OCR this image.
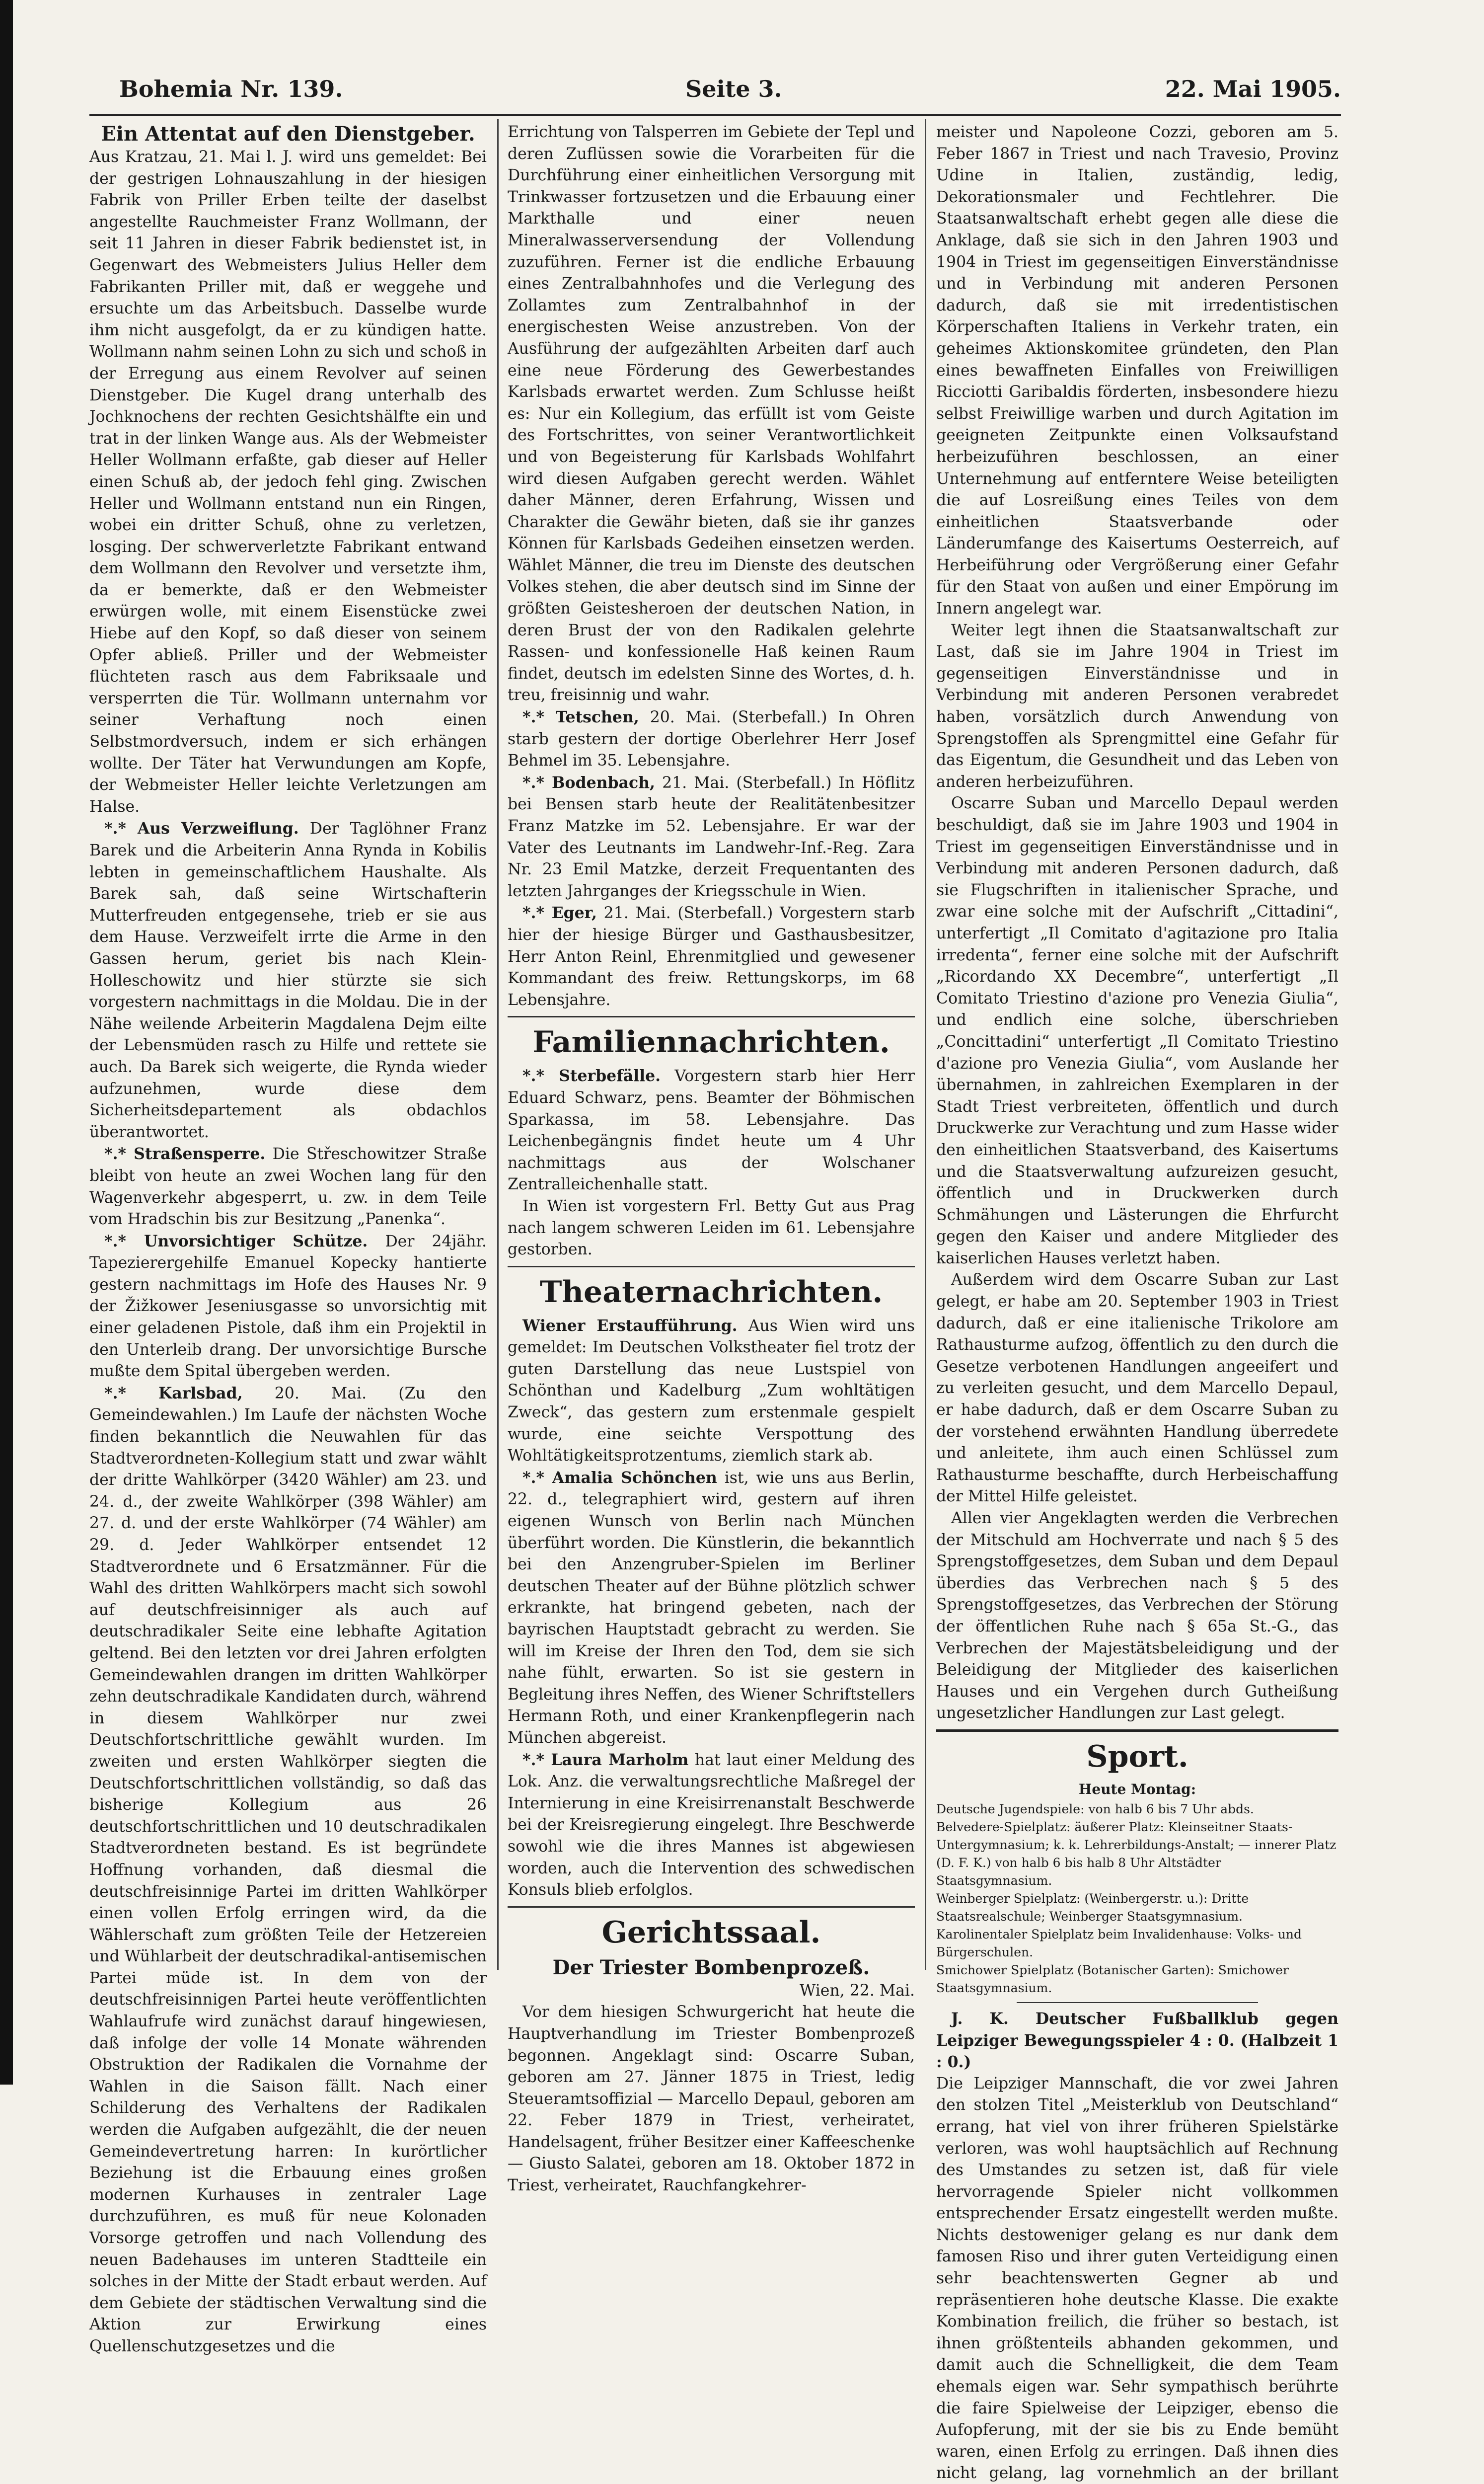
Bohemia Nr. 139.	Seite 3.	22. Mai 1905.

Ein Attentat auf den Dienstgeber.

Aus Kratzau, 21. Mai l. J. wird uns gemeldet: Bei der gestrigen Lohnauszahlung in der hiesigen Fabrik von Priller Erben teilte der daselbst angestellte Rauchmeister Franz Wollmann, der seit 11 Jahren in dieser Fabrik bedienstet ist, in Gegenwart des Webmeisters Julius Heller dem Fabrikanten Priller mit, daß er weggehe und ersuchte um das Arbeitsbuch. Dasselbe wurde ihm nicht ausgefolgt, da er zu kündigen hatte. Wollmann nahm seinen Lohn zu sich und schoß in der Erregung aus einem Revolver auf seinen Dienstgeber. Die Kugel drang unterhalb des Jochknochens der rechten Gesichtshälfte ein und trat in der linken Wange aus. Als der Webmeister Heller Wollmann erfaßte, gab dieser auf Heller einen Schuß ab, der jedoch fehl ging. Zwischen Heller und Wollmann entstand nun ein Ringen, wobei ein dritter Schuß, ohne zu verletzen, losging. Der schwerverletzte Fabrikant entwand dem Wollmann den Revolver und versetzte ihm, da er bemerkte, daß er den Webmeister erwürgen wolle, mit einem Eisenstücke zwei Hiebe auf den Kopf, so daß dieser von seinem Opfer abließ. Priller und der Webmeister flüchteten rasch aus dem Fabriksaale und versperrten die Tür. Wollmann unternahm vor seiner Verhaftung noch einen Selbstmordversuch, indem er sich erhängen wollte. Der Täter hat Verwundungen am Kopfe, der Webmeister Heller leichte Verletzungen am Halse.

*.* Aus Verzweiflung. Der Taglöhner Franz Barek und die Arbeiterin Anna Rynda in Kobilis lebten in gemeinschaftlichem Haushalte. Als Barek sah, daß seine Wirtschafterin Mutterfreuden entgegensehe, trieb er sie aus dem Hause. Verzweifelt irrte die Arme in den Gassen herum, geriet bis nach Klein-Holleschowitz und hier stürzte sie sich vorgestern nachmittags in die Moldau. Die in der Nähe weilende Arbeiterin Magdalena Dejm eilte der Lebensmüden rasch zu Hilfe und rettete sie auch. Da Barek sich weigerte, die Rynda wieder aufzunehmen, wurde diese dem Sicherheitsdepartement als obdachlos überantwortet.

*.* Straßensperre. Die Střeschowitzer Straße bleibt von heute an zwei Wochen lang für den Wagenverkehr abgesperrt, u. zw. in dem Teile vom Hradschin bis zur Besitzung „Panenka“.

*.* Unvorsichtiger Schütze. Der 24jähr. Tapezierergehilfe Emanuel Kopecky hantierte gestern nachmittags im Hofe des Hauses Nr. 9 der Žižkower Jeseniusgasse so unvorsichtig mit einer geladenen Pistole, daß ihm ein Projektil in den Unterleib drang. Der unvorsichtige Bursche mußte dem Spital übergeben werden.

*.* Karlsbad, 20. Mai. (Zu den Gemeindewahlen.) Im Laufe der nächsten Woche finden bekanntlich die Neuwahlen für das Stadtverordneten-Kollegium statt und zwar wählt der dritte Wahlkörper (3420 Wähler) am 23. und 24. d., der zweite Wahlkörper (398 Wähler) am 27. d. und der erste Wahlkörper (74 Wähler) am 29. d. Jeder Wahlkörper entsendet 12 Stadtverordnete und 6 Ersatzmänner. Für die Wahl des dritten Wahlkörpers macht sich sowohl auf deutschfreisinniger als auch auf deutschradikaler Seite eine lebhafte Agitation geltend. Bei den letzten vor drei Jahren erfolgten Gemeindewahlen drangen im dritten Wahlkörper zehn deutschradikale Kandidaten durch, während in diesem Wahlkörper nur zwei Deutschfortschrittliche gewählt wurden. Im zweiten und ersten Wahlkörper siegten die Deutschfortschrittlichen vollständig, so daß das bisherige Kollegium aus 26 deutschfortschrittlichen und 10 deutschradikalen Stadtverordneten bestand. Es ist begründete Hoffnung vorhanden, daß diesmal die deutschfreisinnige Partei im dritten Wahlkörper einen vollen Erfolg erringen wird, da die Wählerschaft zum größten Teile der Hetzereien und Wühlarbeit der deutschradikal-antisemischen Partei müde ist. In dem von der deutschfreisinnigen Partei heute veröffentlichten Wahlaufrufe wird zunächst darauf hingewiesen, daß infolge der volle 14 Monate währenden Obstruktion der Radikalen die Vornahme der Wahlen in die Saison fällt. Nach einer Schilderung des Verhaltens der Radikalen werden die Aufgaben aufgezählt, die der neuen Gemeindevertretung harren: In kurörtlicher Beziehung ist die Erbauung eines großen modernen Kurhauses in zentraler Lage durchzuführen, es muß für neue Kolonaden Vorsorge getroffen und nach Vollendung des neuen Badehauses im unteren Stadtteile ein solches in der Mitte der Stadt erbaut werden. Auf dem Gebiete der städtischen Verwaltung sind die Aktion zur Erwirkung eines Quellenschutzgesetzes und die

Errichtung von Talsperren im Gebiete der Tepl und deren Zuflüssen sowie die Vorarbeiten für die Durchführung einer einheitlichen Versorgung mit Trinkwasser fortzusetzen und die Erbauung einer Markthalle und einer neuen Mineralwasserversendung der Vollendung zuzuführen. Ferner ist die endliche Erbauung eines Zentralbahnhofes und die Verlegung des Zollamtes zum Zentralbahnhof in der energischesten Weise anzustreben. Von der Ausführung der aufgezählten Arbeiten darf auch eine neue Förderung des Gewerbestandes Karlsbads erwartet werden. Zum Schlusse heißt es: Nur ein Kollegium, das erfüllt ist vom Geiste des Fortschrittes, von seiner Verantwortlichkeit und von Begeisterung für Karlsbads Wohlfahrt wird diesen Aufgaben gerecht werden. Wählet daher Männer, deren Erfahrung, Wissen und Charakter die Gewähr bieten, daß sie ihr ganzes Können für Karlsbads Gedeihen einsetzen werden. Wählet Männer, die treu im Dienste des deutschen Volkes stehen, die aber deutsch sind im Sinne der größten Geistesheroen der deutschen Nation, in deren Brust der von den Radikalen gelehrte Rassen- und konfessionelle Haß keinen Raum findet, deutsch im edelsten Sinne des Wortes, d. h. treu, freisinnig und wahr.

*.* Tetschen, 20. Mai. (Sterbefall.) In Ohren starb gestern der dortige Oberlehrer Herr Josef Behmel im 35. Lebensjahre.

*.* Bodenbach, 21. Mai. (Sterbefall.) In Höflitz bei Bensen starb heute der Realitätenbesitzer Franz Matzke im 52. Lebensjahre. Er war der Vater des Leutnants im Landwehr-Inf.-Reg. Zara Nr. 23 Emil Matzke, derzeit Frequentanten des letzten Jahrganges der Kriegsschule in Wien.

*.* Eger, 21. Mai. (Sterbefall.) Vorgestern starb hier der hiesige Bürger und Gasthausbesitzer, Herr Anton Reinl, Ehrenmitglied und gewesener Kommandant des freiw. Rettungskorps, im 68 Lebensjahre.

Familiennachrichten.

*.* Sterbefälle. Vorgestern starb hier Herr Eduard Schwarz, pens. Beamter der Böhmischen Sparkassa, im 58. Lebensjahre. Das Leichenbegängnis findet heute um 4 Uhr nachmittags aus der Wolschaner Zentralleichenhalle statt.

In Wien ist vorgestern Frl. Betty Gut aus Prag nach langem schweren Leiden im 61. Lebensjahre gestorben.

Theaternachrichten.

Wiener Erstaufführung. Aus Wien wird uns gemeldet: Im Deutschen Volkstheater fiel trotz der guten Darstellung das neue Lustspiel von Schönthan und Kadelburg „Zum wohltätigen Zweck“, das gestern zum erstenmale gespielt wurde, eine seichte Verspottung des Wohltätigkeitsprotzentums, ziemlich stark ab.

*.* Amalia Schönchen ist, wie uns aus Berlin, 22. d., telegraphiert wird, gestern auf ihren eigenen Wunsch von Berlin nach München überführt worden. Die Künstlerin, die bekanntlich bei den Anzengruber-Spielen im Berliner deutschen Theater auf der Bühne plötzlich schwer erkrankte, hat bringend gebeten, nach der bayrischen Hauptstadt gebracht zu werden. Sie will im Kreise der Ihren den Tod, dem sie sich nahe fühlt, erwarten. So ist sie gestern in Begleitung ihres Neffen, des Wiener Schriftstellers Hermann Roth, und einer Krankenpflegerin nach München abgereist.

*.* Laura Marholm hat laut einer Meldung des Lok. Anz. die verwaltungsrechtliche Maßregel der Internierung in eine Kreisirrenanstalt Beschwerde bei der Kreisregierung eingelegt. Ihre Beschwerde sowohl wie die ihres Mannes ist abgewiesen worden, auch die Intervention des schwedischen Konsuls blieb erfolglos.

Gerichtssaal.

Der Triester Bombenprozeß.

Wien, 22. Mai.

Vor dem hiesigen Schwurgericht hat heute die Hauptverhandlung im Triester Bombenprozeß begonnen. Angeklagt sind: Oscarre Suban, geboren am 27. Jänner 1875 in Triest, ledig Steueramtsoffizial — Marcello Depaul, geboren am 22. Feber 1879 in Triest, verheiratet, Handelsagent, früher Besitzer einer Kaffeeschenke — Giusto Salatei, geboren am 18. Oktober 1872 in Triest, verheiratet, Rauchfangkehrer-

meister und Napoleone Cozzi, geboren am 5. Feber 1867 in Triest und nach Travesio, Provinz Udine in Italien, zuständig, ledig, Dekorationsmaler und Fechtlehrer. Die Staatsanwaltschaft erhebt gegen alle diese die Anklage, daß sie sich in den Jahren 1903 und 1904 in Triest im gegenseitigen Einverständnisse und in Verbindung mit anderen Personen dadurch, daß sie mit irredentistischen Körperschaften Italiens in Verkehr traten, ein geheimes Aktionskomitee gründeten, den Plan eines bewaffneten Einfalles von Freiwilligen Ricciotti Garibaldis förderten, insbesondere hiezu selbst Freiwillige warben und durch Agitation im geeigneten Zeitpunkte einen Volksaufstand herbeizuführen beschlossen, an einer Unternehmung auf entferntere Weise beteiligten die auf Losreißung eines Teiles von dem einheitlichen Staatsverbande oder Länderumfange des Kaisertums Oesterreich, auf Herbeiführung oder Vergrößerung einer Gefahr für den Staat von außen und einer Empörung im Innern angelegt war.

Weiter legt ihnen die Staatsanwaltschaft zur Last, daß sie im Jahre 1904 in Triest im gegenseitigen Einverständnisse und in Verbindung mit anderen Personen verabredet haben, vorsätzlich durch Anwendung von Sprengstoffen als Sprengmittel eine Gefahr für das Eigentum, die Gesundheit und das Leben von anderen herbeizuführen.

Oscarre Suban und Marcello Depaul werden beschuldigt, daß sie im Jahre 1903 und 1904 in Triest im gegenseitigen Einverständnisse und in Verbindung mit anderen Personen dadurch, daß sie Flugschriften in italienischer Sprache, und zwar eine solche mit der Aufschrift „Cittadini“, unterfertigt „Il Comitato d'agitazione pro Italia irredenta“, ferner eine solche mit der Aufschrift „Ricordando XX Decembre“, unterfertigt „Il Comitato Triestino d'azione pro Venezia Giulia“, und endlich eine solche, überschrieben „Concittadini“ unterfertigt „Il Comitato Triestino d'azione pro Venezia Giulia“, vom Auslande her übernahmen, in zahlreichen Exemplaren in der Stadt Triest verbreiteten, öffentlich und durch Druckwerke zur Verachtung und zum Hasse wider den einheitlichen Staatsverband, des Kaisertums und die Staatsverwaltung aufzureizen gesucht, öffentlich und in Druckwerken durch Schmähungen und Lästerungen die Ehrfurcht gegen den Kaiser und andere Mitglieder des kaiserlichen Hauses verletzt haben.

Außerdem wird dem Oscarre Suban zur Last gelegt, er habe am 20. September 1903 in Triest dadurch, daß er eine italienische Trikolore am Rathausturme aufzog, öffentlich zu den durch die Gesetze verbotenen Handlungen angeeifert und zu verleiten gesucht, und dem Marcello Depaul, er habe dadurch, daß er dem Oscarre Suban zu der vorstehend erwähnten Handlung überredete und anleitete, ihm auch einen Schlüssel zum Rathausturme beschaffte, durch Herbeischaffung der Mittel Hilfe geleistet.

Allen vier Angeklagten werden die Verbrechen der Mitschuld am Hochverrate und nach § 5 des Sprengstoffgesetzes, dem Suban und dem Depaul überdies das Verbrechen nach § 5 des Sprengstoffgesetzes, das Verbrechen der Störung der öffentlichen Ruhe nach § 65a St.-G., das Verbrechen der Majestätsbeleidigung und der Beleidigung der Mitglieder des kaiserlichen Hauses und ein Vergehen durch Gutheißung ungesetzlicher Handlungen zur Last gelegt.

Sport.

Heute Montag:

Deutsche Jugendspiele: von halb 6 bis 7 Uhr abds.

Belvedere-Spielplatz: äußerer Platz: Kleinseitner Staats-Untergymnasium; k. k. Lehrerbildungs-Anstalt; — innerer Platz (D. F. K.) von halb 6 bis halb 8 Uhr Altstädter Staatsgymnasium.

Weinberger Spielplatz: (Weinbergerstr. u.): Dritte Staatsrealschule; Weinberger Staatsgymnasium.

Karolinentaler Spielplatz beim Invalidenhause: Volks- und Bürgerschulen.

Smichower Spielplatz (Botanischer Garten): Smichower Staatsgymnasium.

J. K. Deutscher Fußballklub gegen Leipziger Bewegungsspieler 4 : 0. (Halbzeit 1 : 0.)

Die Leipziger Mannschaft, die vor zwei Jahren den stolzen Titel „Meisterklub von Deutschland“ errang, hat viel von ihrer früheren Spielstärke verloren, was wohl hauptsächlich auf Rechnung des Umstandes zu setzen ist, daß für viele hervorragende Spieler nicht vollkommen entsprechender Ersatz eingestellt werden mußte. Nichts destoweniger gelang es nur dank dem famosen Riso und ihrer guten Verteidigung einen sehr beachtenswerten Gegner ab und repräsentieren hohe deutsche Klasse. Die exakte Kombination freilich, die früher so bestach, ist ihnen größtenteils abhanden gekommen, und damit auch die Schnelligkeit, die dem Team ehemals eigen war. Sehr sympathisch berührte die faire Spielweise der Leipziger, ebenso die Aufopferung, mit der sie bis zu Ende bemüht waren, einen Erfolg zu erringen. Daß ihnen dies nicht gelang, lag vornehmlich an der brillant
